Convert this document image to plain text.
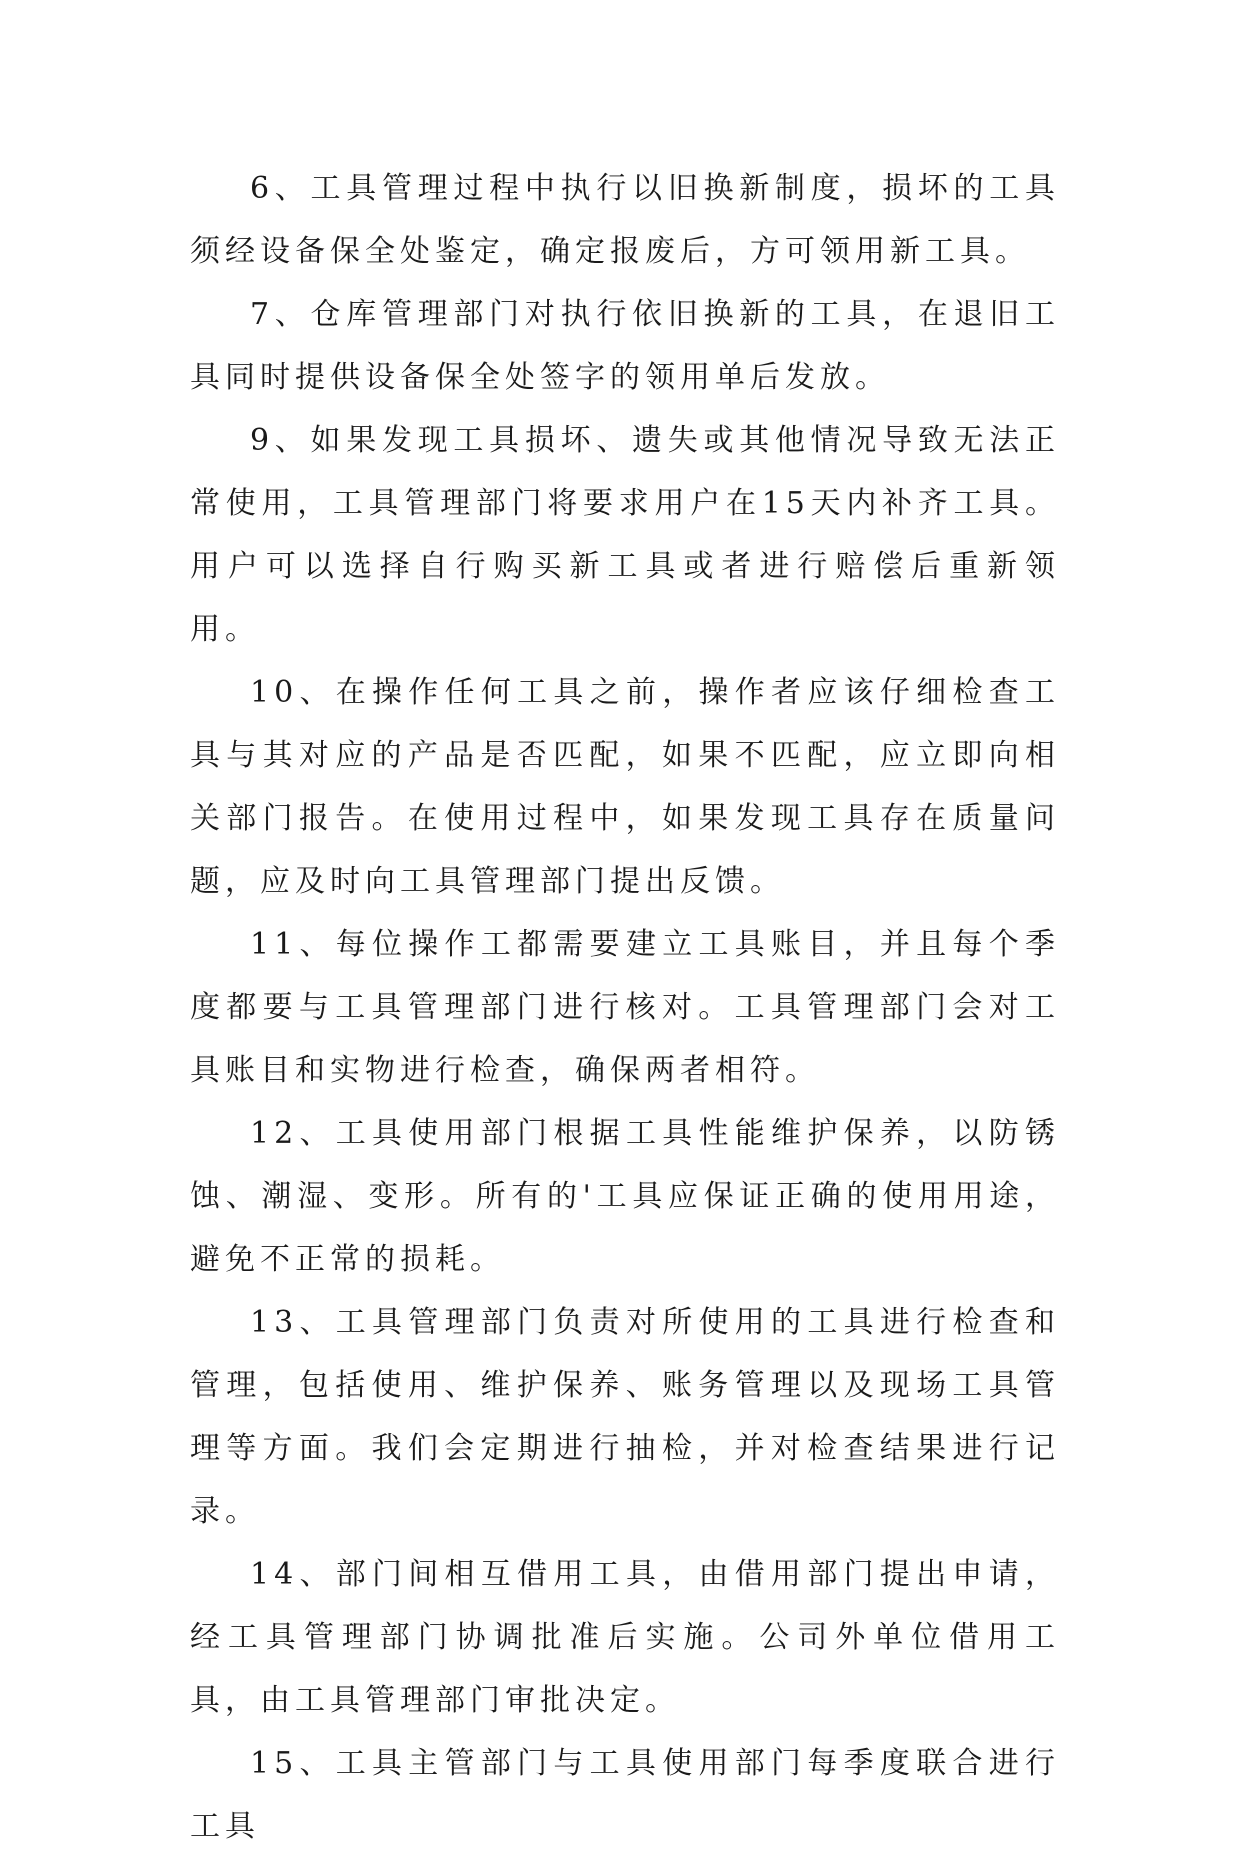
6、工具管理过程中执行以旧换新制度，损坏的工具须经设备保全处鉴定，确定报废后，方可领用新工具。

7、仓库管理部门对执行依旧换新的工具，在退旧工具同时提供设备保全处签字的领用单后发放。

9、如果发现工具损坏、遗失或其他情况导致无法正常使用，工具管理部门将要求用户在15天内补齐工具。用户可以选择自行购买新工具或者进行赔偿后重新领用。

10、在操作任何工具之前，操作者应该仔细检查工具与其对应的产品是否匹配，如果不匹配，应立即向相关部门报告。在使用过程中，如果发现工具存在质量问题，应及时向工具管理部门提出反馈。

11、每位操作工都需要建立工具账目，并且每个季度都要与工具管理部门进行核对。工具管理部门会对工具账目和实物进行检查，确保两者相符。

12、工具使用部门根据工具性能维护保养，以防锈蚀、潮湿、变形。所有的'工具应保证正确的使用用途，避免不正常的损耗。

13、工具管理部门负责对所使用的工具进行检查和管理，包括使用、维护保养、账务管理以及现场工具管理等方面。我们会定期进行抽检，并对检查结果进行记录。

14、部门间相互借用工具，由借用部门提出申请，经工具管理部门协调批准后实施。公司外单位借用工具，由工具管理部门审批决定。

15、工具主管部门与工具使用部门每季度联合进行工具
